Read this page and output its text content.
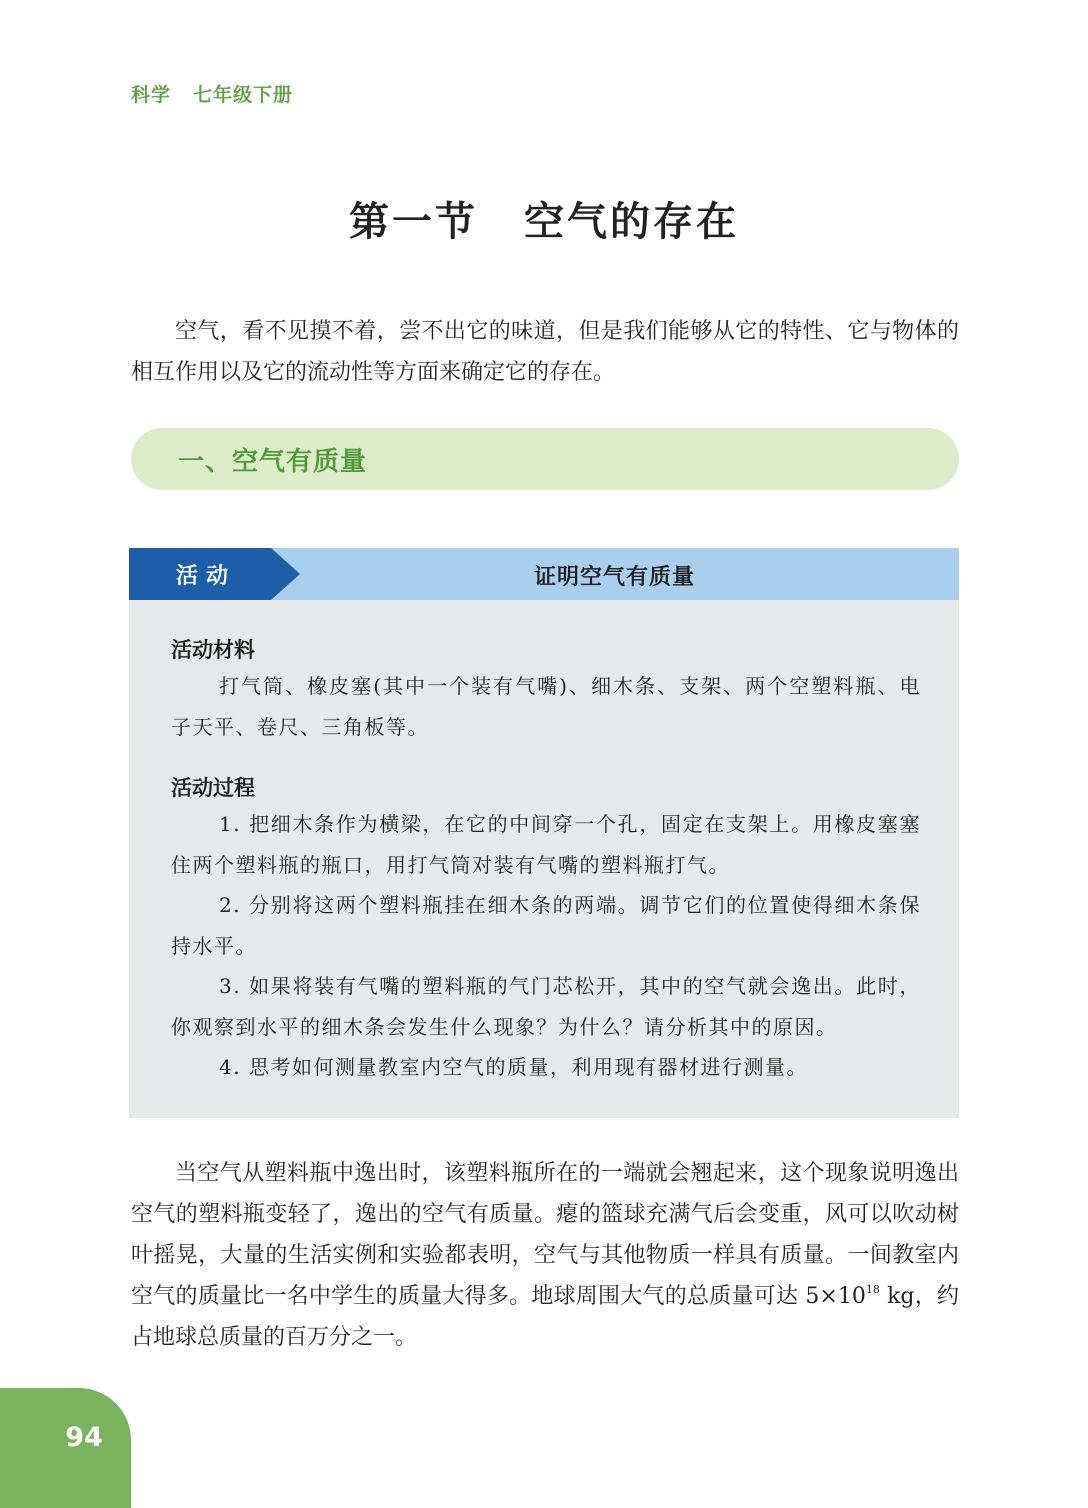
科学 七年级下册
第一节 空气的存在

空气，看不见摸不着，尝不出它的味道，但是我们能够从它的特性、它与物体的相互作用以及它的流动性等方面来确定它的存在。

一、空气有质量
活动	证明空气有质量
活动材料

打气筒、橡皮塞(其中一个装有气嘴)、细木条、支架、两个空塑料瓶、电子天平、卷尺、三角板等。

活动过程

1. 把细木条作为横梁，在它的中间穿一个孔，固定在支架上。用橡皮塞塞住两个塑料瓶的瓶口，用打气筒对装有气嘴的塑料瓶打气。

2. 分别将这两个塑料瓶挂在细木条的两端。调节它们的位置使得细木条保持水平。

3. 如果将装有气嘴的塑料瓶的气门芯松开，其中的空气就会逸出。此时，你观察到水平的细木条会发生什么现象？为什么？请分析其中的原因。

4. 思考如何测量教室内空气的质量，利用现有器材进行测量。

当空气从塑料瓶中逸出时，该塑料瓶所在的一端就会翘起来，这个现象说明逸出空气的塑料瓶变轻了，逸出的空气有质量。瘪的篮球充满气后会变重，风可以吹动树叶摇晃，大量的生活实例和实验都表明，空气与其他物质一样具有质量。一间教室内空气的质量比一名中学生的质量大得多。地球周围大气的总质量可达 $5\times 10^{18}$ kg，约占地球总质量的百万分之一。

94
